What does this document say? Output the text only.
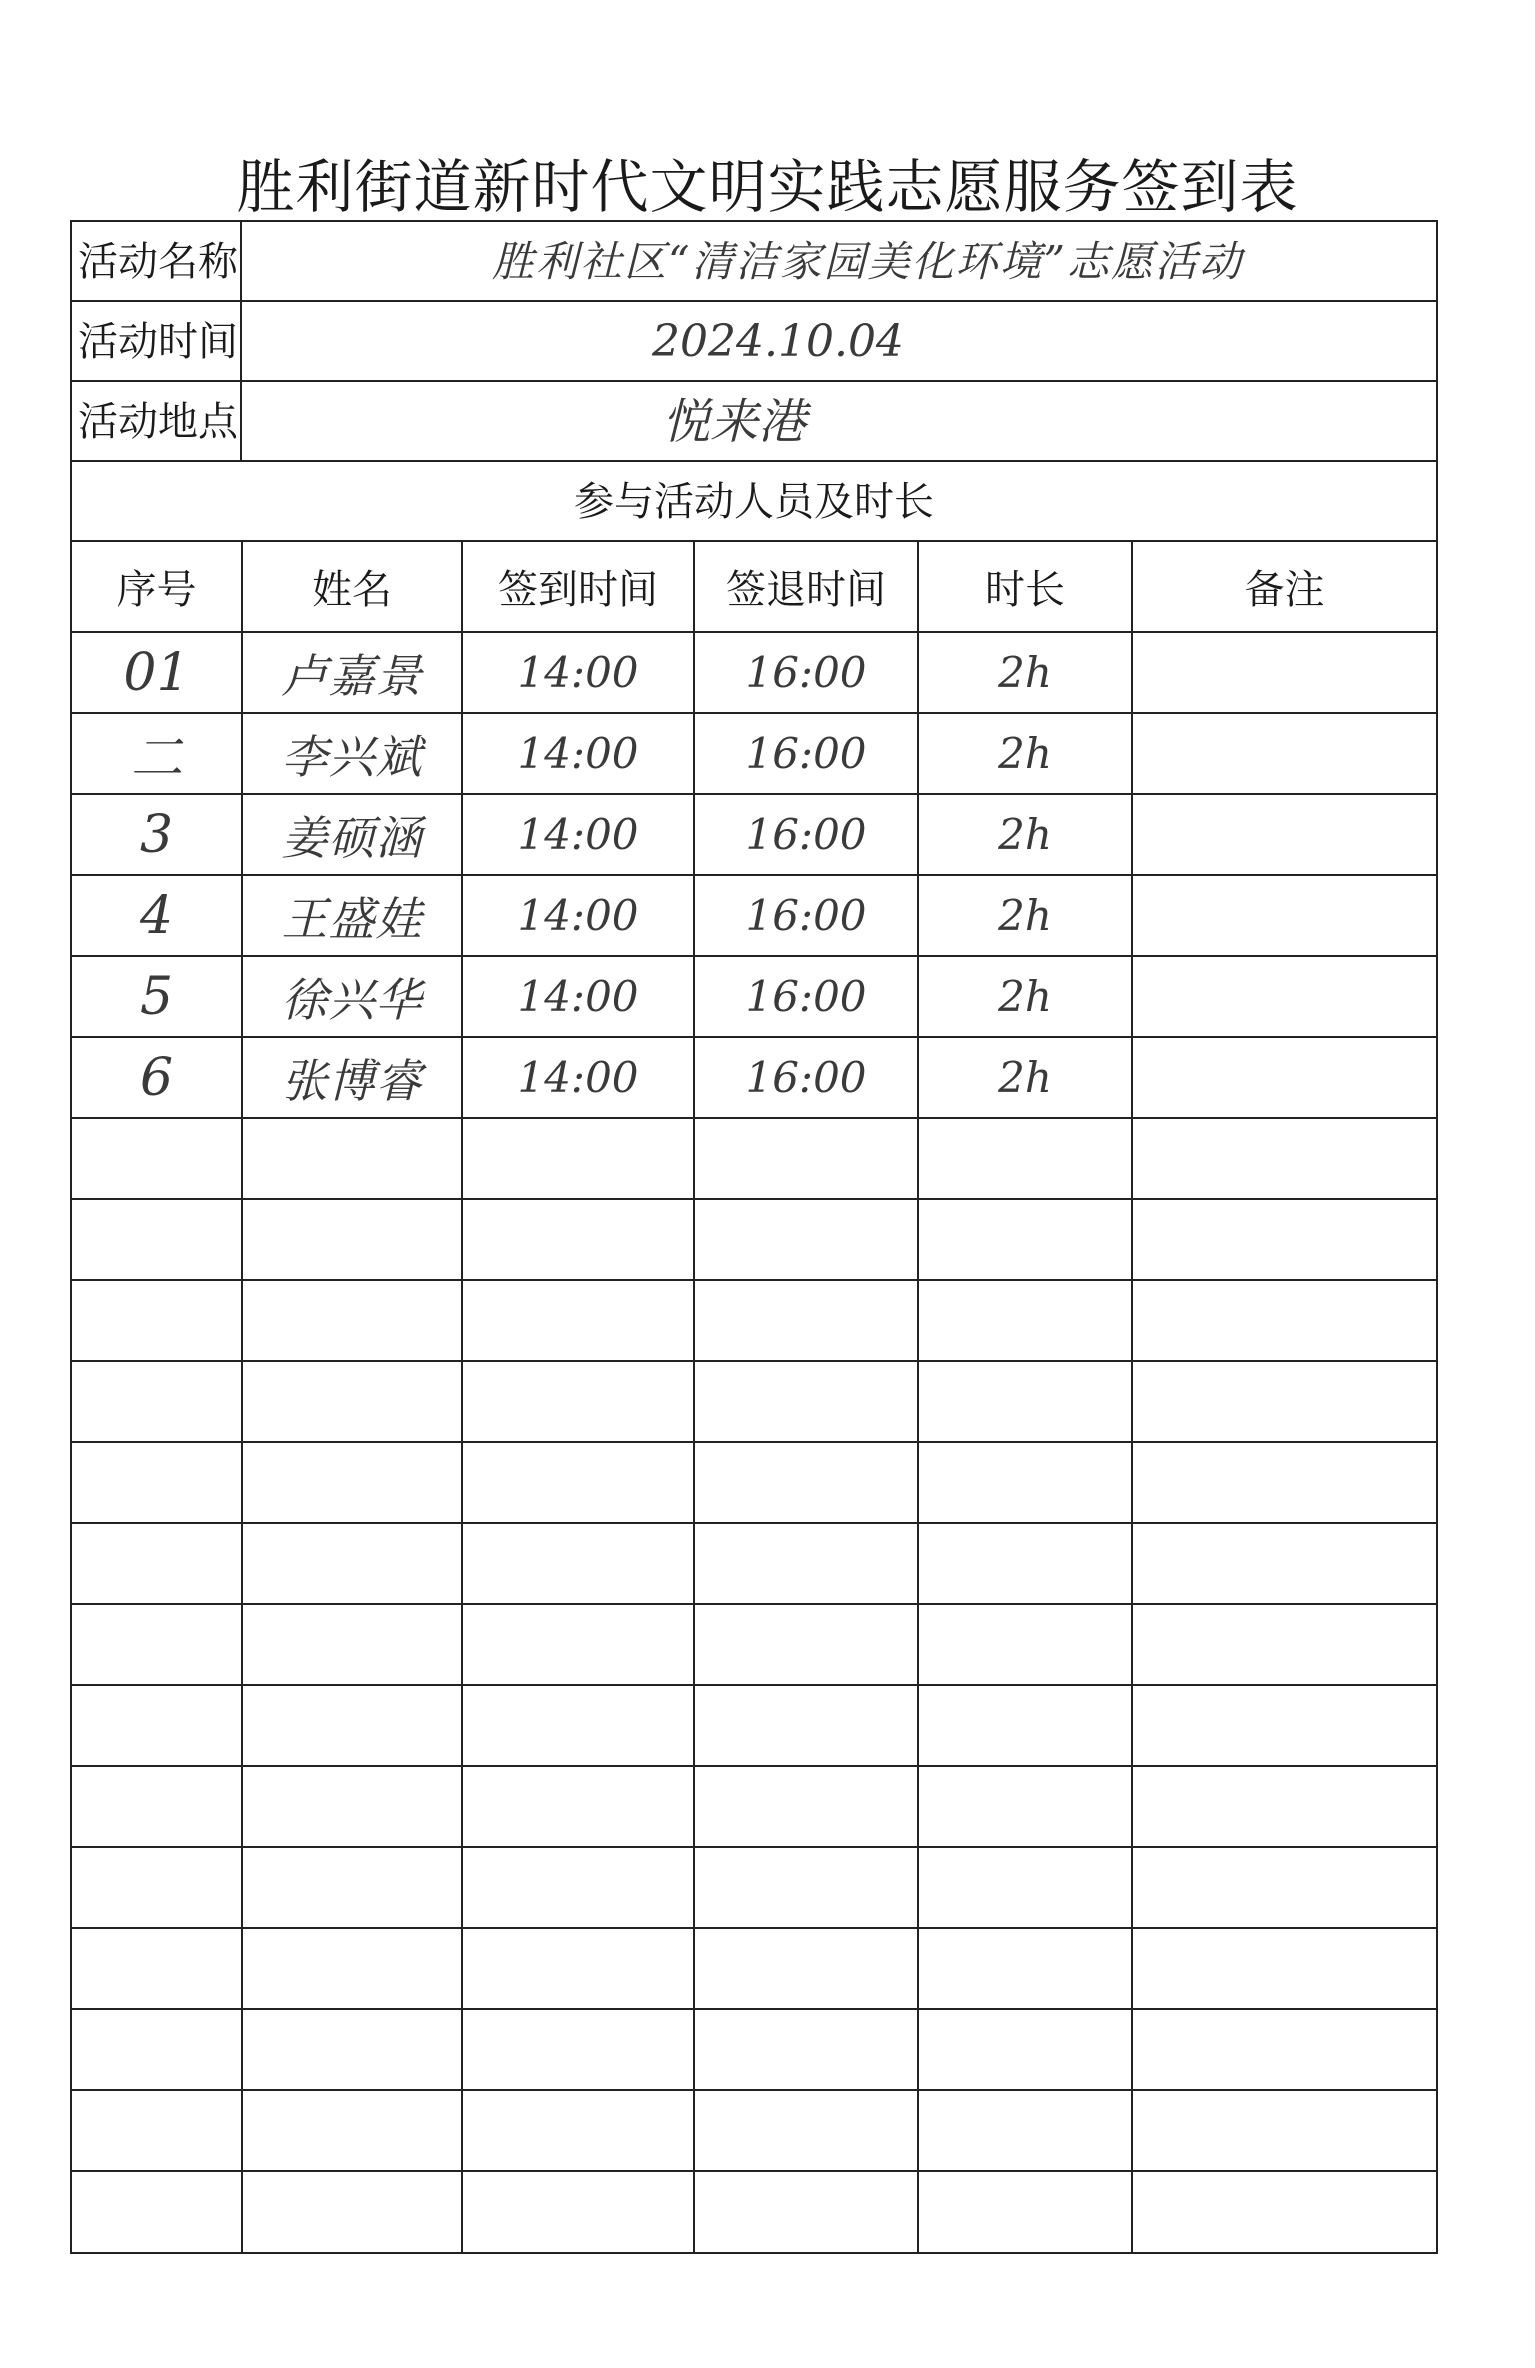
胜利街道新时代文明实践志愿服务签到表
活动名称	胜利社区“清洁家园美化环境”志愿活动
活动时间	2024.10.04
活动地点	悦来港
参与活动人员及时长
序号	姓名	签到时间	签退时间	时长	备注
01	卢嘉景	14:00	16:00	2h	
二	李兴斌	14:00	16:00	2h	
3	姜硕涵	14:00	16:00	2h	
4	王盛娃	14:00	16:00	2h	
5	徐兴华	14:00	16:00	2h	
6	张博睿	14:00	16:00	2h	
